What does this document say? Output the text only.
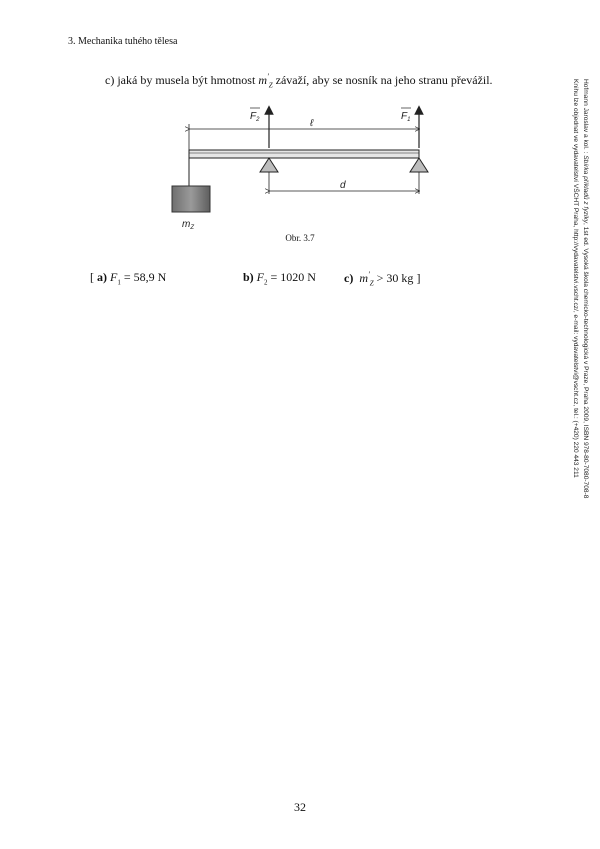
3. Mechanika tuhého tělesa
c) jaká by musela být hmotnost $m'_Z$ závaží, aby se nosník na jeho stranu převážil.
$F_2$	$F_1$
ℓ
d
$m_Z$
Obr. 3.7
[ a) $F_1 = 58,9$ N	b) $F_2 = 1020$ N c) $m'_Z > 30$ kg ]
Hofmann Jaroslav a kol. : Sbírka příkladů z fyziky, 1st ed. Vysoká škola chemicko-technologická v Praze, Praha 2009, ISBN 978-80-7080-708-8
Knihu lze objednat ve vydavatelství VŠCHT Praha, http://vydavatelstvi.vscht.cz/, e-mail: vydavatelstvi@vscht.cz, tel.: (+420) 220 443 211
32
